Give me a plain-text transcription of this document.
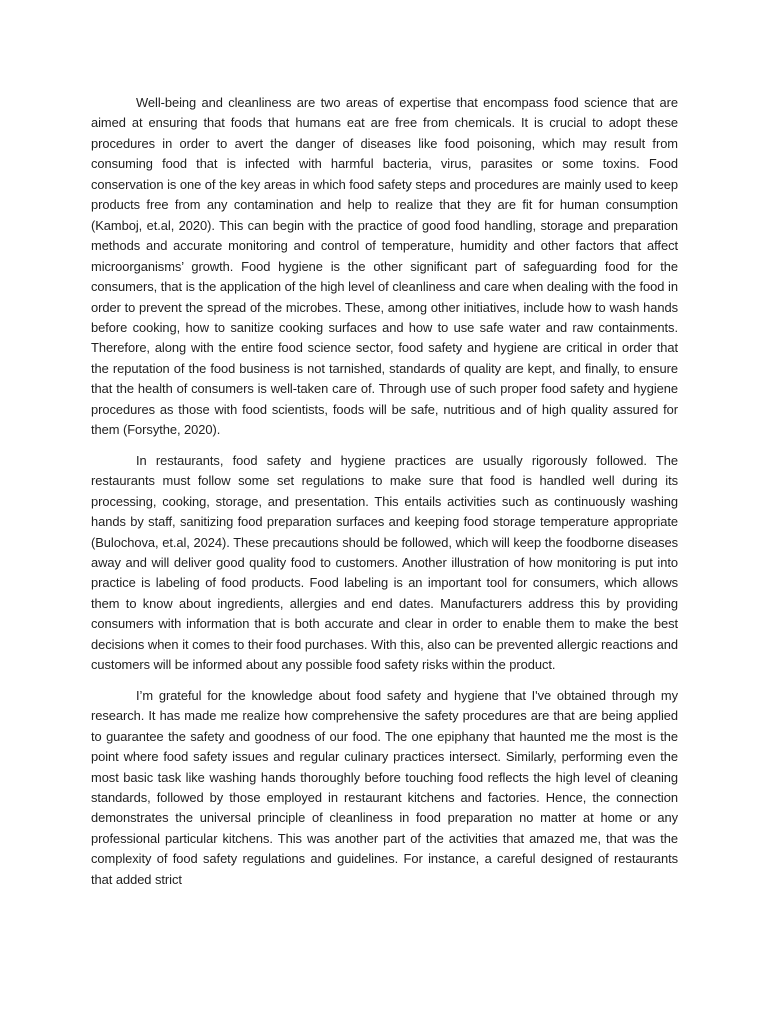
Well-being and cleanliness are two areas of expertise that encompass food science that are aimed at ensuring that foods that humans eat are free from chemicals. It is crucial to adopt these procedures in order to avert the danger of diseases like food poisoning, which may result from consuming food that is infected with harmful bacteria, virus, parasites or some toxins. Food conservation is one of the key areas in which food safety steps and procedures are mainly used to keep products free from any contamination and help to realize that they are fit for human consumption (Kamboj, et.al, 2020). This can begin with the practice of good food handling, storage and preparation methods and accurate monitoring and control of temperature, humidity and other factors that affect microorganisms’ growth. Food hygiene is the other significant part of safeguarding food for the consumers, that is the application of the high level of cleanliness and care when dealing with the food in order to prevent the spread of the microbes. These, among other initiatives, include how to wash hands before cooking, how to sanitize cooking surfaces and how to use safe water and raw containments. Therefore, along with the entire food science sector, food safety and hygiene are critical in order that the reputation of the food business is not tarnished, standards of quality are kept, and finally, to ensure that the health of consumers is well-taken care of. Through use of such proper food safety and hygiene procedures as those with food scientists, foods will be safe, nutritious and of high quality assured for them (Forsythe, 2020).

In restaurants, food safety and hygiene practices are usually rigorously followed. The restaurants must follow some set regulations to make sure that food is handled well during its processing, cooking, storage, and presentation. This entails activities such as continuously washing hands by staff, sanitizing food preparation surfaces and keeping food storage temperature appropriate (Bulochova, et.al, 2024). These precautions should be followed, which will keep the foodborne diseases away and will deliver good quality food to customers. Another illustration of how monitoring is put into practice is labeling of food products. Food labeling is an important tool for consumers, which allows them to know about ingredients, allergies and end dates. Manufacturers address this by providing consumers with information that is both accurate and clear in order to enable them to make the best decisions when it comes to their food purchases. With this, also can be prevented allergic reactions and customers will be informed about any possible food safety risks within the product.

I’m grateful for the knowledge about food safety and hygiene that I've obtained through my research. It has made me realize how comprehensive the safety procedures are that are being applied to guarantee the safety and goodness of our food. The one epiphany that haunted me the most is the point where food safety issues and regular culinary practices intersect. Similarly, performing even the most basic task like washing hands thoroughly before touching food reflects the high level of cleaning standards, followed by those employed in restaurant kitchens and factories. Hence, the connection demonstrates the universal principle of cleanliness in food preparation no matter at home or any professional particular kitchens. This was another part of the activities that amazed me, that was the complexity of food safety regulations and guidelines. For instance, a careful designed of restaurants that added strict
